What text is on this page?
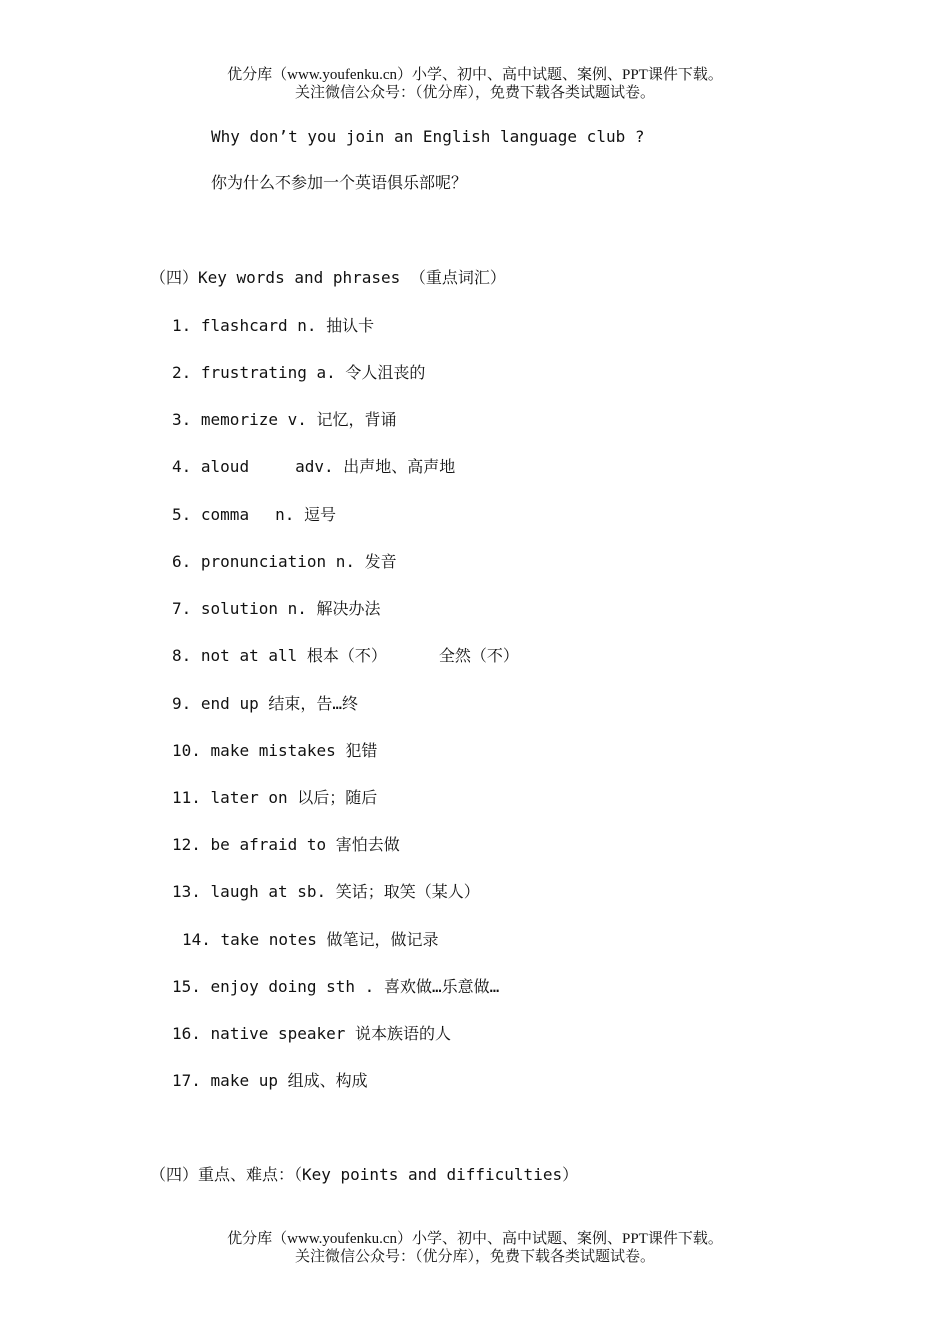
优分库（www.youfenku.cn）小学、初中、高中试题、案例、PPT课件下载。
关注微信公众号：（优分库），免费下载各类试题试卷。
Why don’t you join an English language club ?
你为什么不参加一个英语俱乐部呢？
（四）Key words and phrases （重点词汇）
1. flashcard n. 抽认卡
2. frustrating a. 令人沮丧的
3. memorize v. 记忆，背诵
4. aloud	adv. 出声地、高声地
5. comma n. 逗号
6. pronunciation n. 发音
7. solution n. 解决办法
8. not at all 根本（不）	全然（不）
9. end up 结束，告…终
10. make mistakes 犯错
11. later on 以后；随后
12. be afraid to 害怕去做
13. laugh at sb. 笑话；取笑（某人）
14. take notes 做笔记，做记录
15. enjoy doing sth . 喜欢做…乐意做…
16. native speaker 说本族语的人
17. make up 组成、构成
（四）重点、难点：（Key points and difficulties）
优分库（www.youfenku.cn）小学、初中、高中试题、案例、PPT课件下载。
关注微信公众号：（优分库），免费下载各类试题试卷。
